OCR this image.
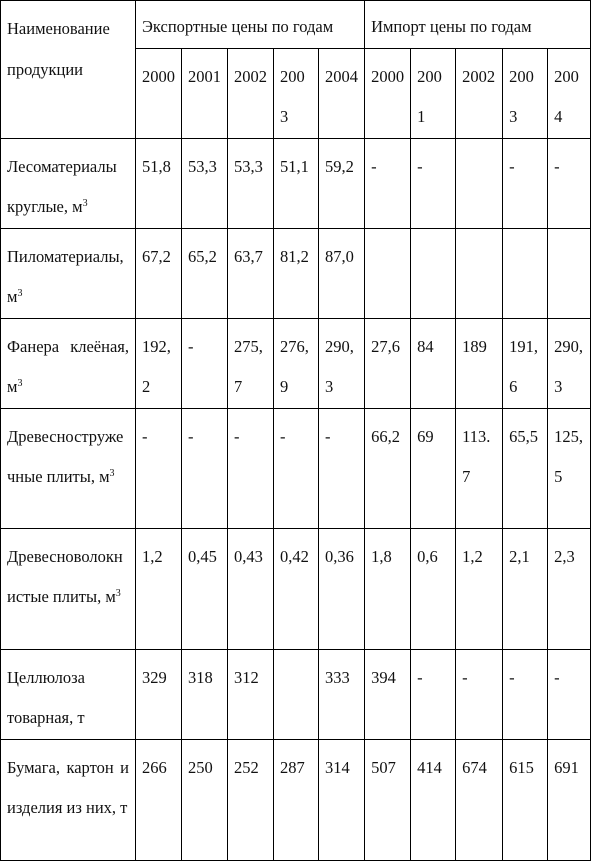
Наименование продукции	Экспортные цены по годам					Импорт цены по годам				
	2000	2001	2002	2003	2004	2000	2001	2002	2003	2004
Лесоматериалы круглые, $м^3$	51,8	53,3	53,3	51,1	59,2	-	-		-	-
Пиломатериалы, $м^3$	67,2	65,2	63,7	81,2	87,0					
Фанера клеёная, $м^3$	192,2	-	275,7	276,9	290,3	27,6	84	189	191,6	290,3
Древесностружечные плиты, $м^3$	-	-	-	-	-	66,2	69	113.7	65,5	125,5
Древесноволокнистые плиты, $м^3$	1,2	0,45	0,43	0,42	0,36	1,8	0,6	1,2	2,1	2,3
Целлюлоза товарная, т	329	318	312		333	394	-	-	-	-
Бумага, картон и изделия из них, т	266	250	252	287	314	507	414	674	615	691
